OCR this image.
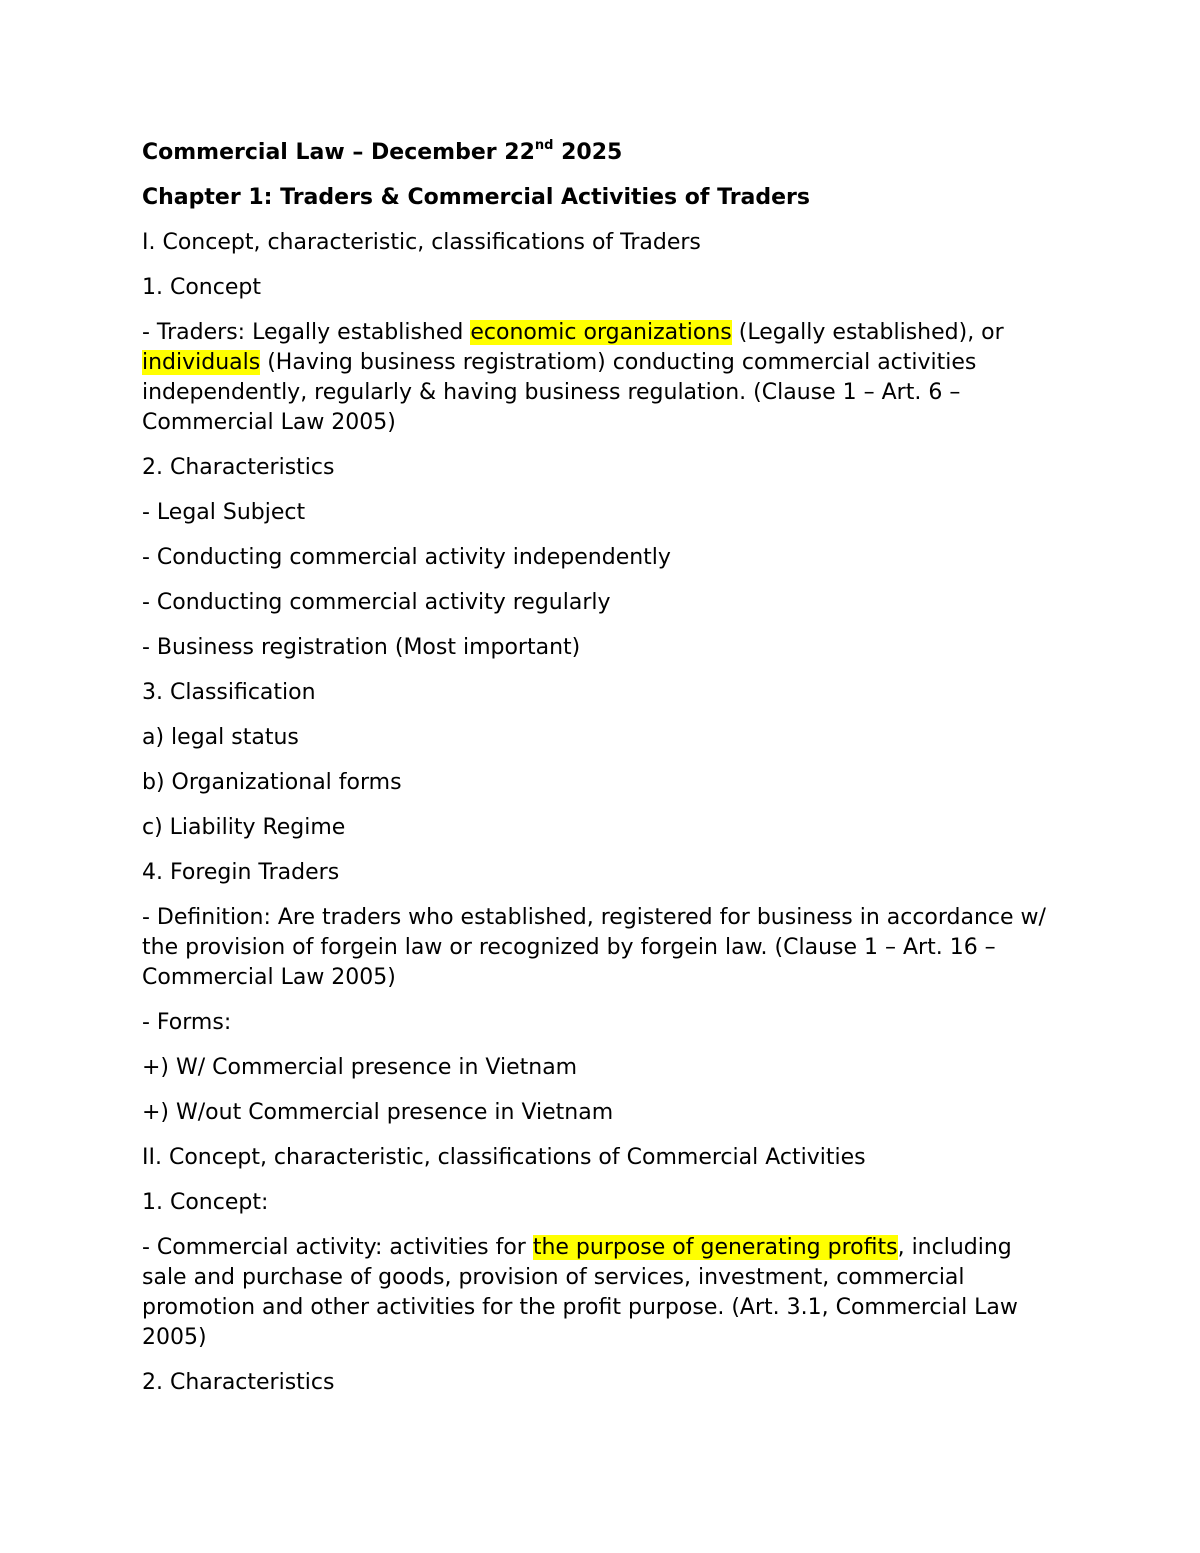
Commercial Law – December 22nd 2025

Chapter 1: Traders & Commercial Activities of Traders

I. Concept, characteristic, classifications of Traders

1. Concept

- Traders: Legally established economic organizations (Legally established), or individuals (Having business registratiom) conducting commercial activities independently, regularly & having business regulation. (Clause 1 – Art. 6 – Commercial Law 2005)

2. Characteristics

- Legal Subject

- Conducting commercial activity independently

- Conducting commercial activity regularly

- Business registration (Most important)

3. Classification

a) legal status

b) Organizational forms

c) Liability Regime

4. Foregin Traders

- Definition: Are traders who established, registered for business in accordance w/ the provision of forgein law or recognized by forgein law. (Clause 1 – Art. 16 – Commercial Law 2005)

- Forms:

+) W/ Commercial presence in Vietnam

+) W/out Commercial presence in Vietnam

II. Concept, characteristic, classifications of Commercial Activities

1. Concept:

- Commercial activity: activities for the purpose of generating profits, including sale and purchase of goods, provision of services, investment, commercial promotion and other activities for the profit purpose. (Art. 3.1, Commercial Law 2005)

2. Characteristics
